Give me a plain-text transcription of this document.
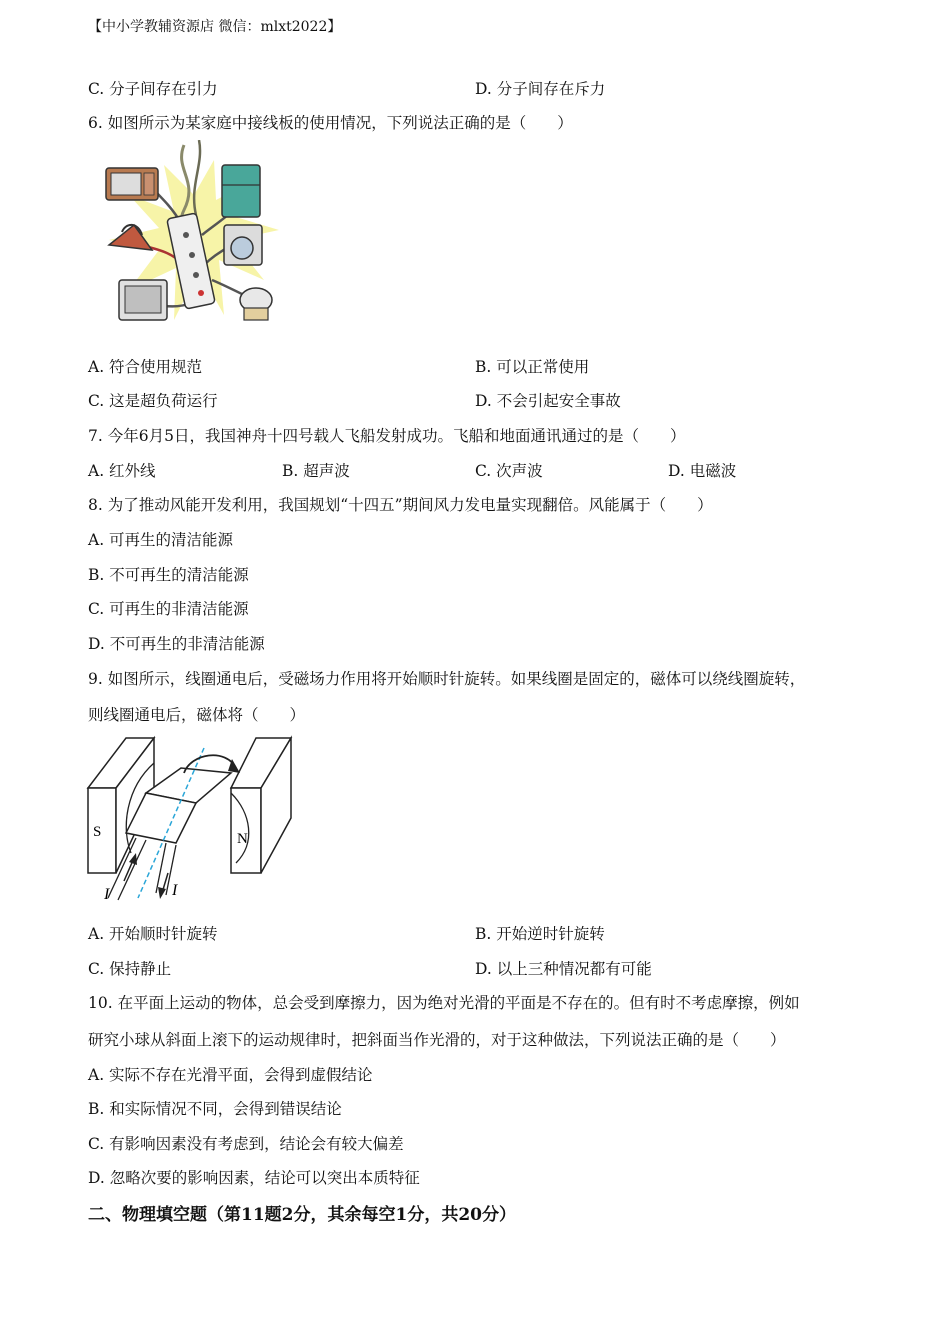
【中小学教辅资源店 微信：mlxt2022】
C. 分子间存在引力	D. 分子间存在斥力
6. 如图所示为某家庭中接线板的使用情况，下列说法正确的是（　　）
A. 符合使用规范	B. 可以正常使用
C. 这是超负荷运行	D. 不会引起安全事故
7. 今年6月5日，我国神舟十四号载人飞船发射成功。飞船和地面通讯通过的是（　　）
A. 红外线	B. 超声波	C. 次声波	D. 电磁波
8. 为了推动风能开发利用，我国规划“十四五”期间风力发电量实现翻倍。风能属于（　　）
A. 可再生的清洁能源
B. 不可再生的清洁能源
C. 可再生的非清洁能源
D. 不可再生的非清洁能源
9. 如图所示，线圈通电后，受磁场力作用将开始顺时针旋转。如果线圈是固定的，磁体可以绕线圈旋转，
则线圈通电后，磁体将（　　）
S	N
I	I
A. 开始顺时针旋转	B. 开始逆时针旋转
C. 保持静止	D. 以上三种情况都有可能
10. 在平面上运动的物体，总会受到摩擦力，因为绝对光滑的平面是不存在的。但有时不考虑摩擦，例如
研究小球从斜面上滚下的运动规律时，把斜面当作光滑的，对于这种做法，下列说法正确的是（　　）
A. 实际不存在光滑平面，会得到虚假结论
B. 和实际情况不同，会得到错误结论
C. 有影响因素没有考虑到，结论会有较大偏差
D. 忽略次要的影响因素，结论可以突出本质特征
二、物理填空题（第11题2分，其余每空1分，共20分）
